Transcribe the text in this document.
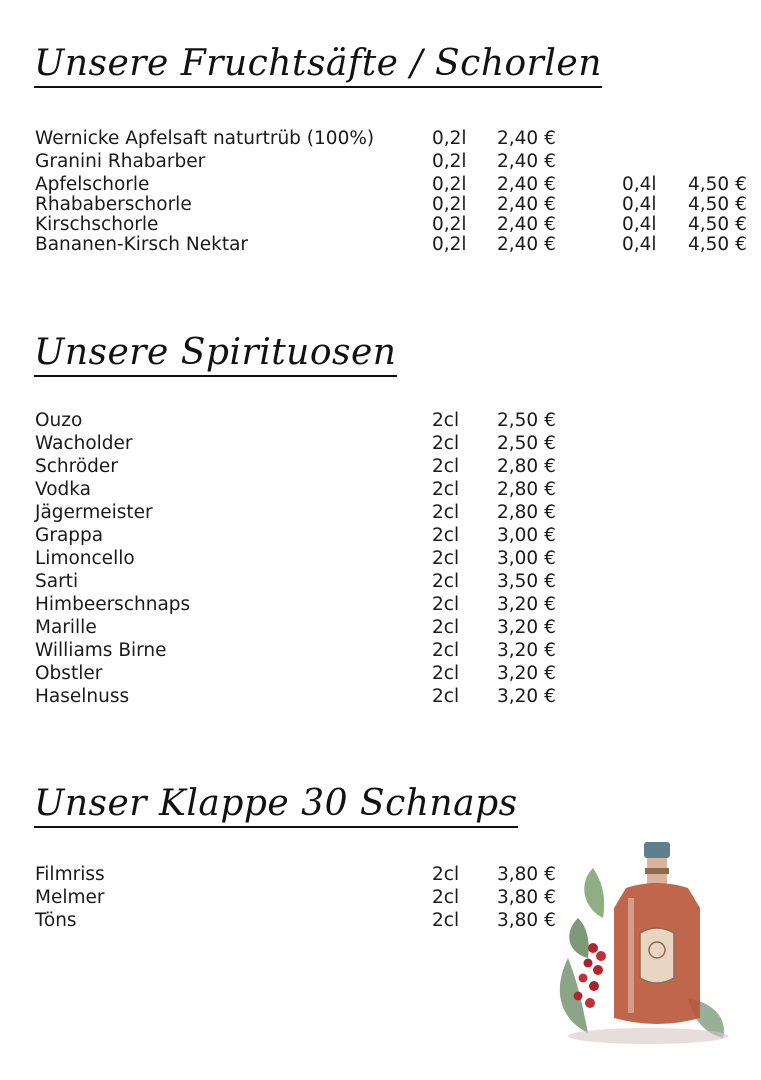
Unsere Fruchtsäfte / Schorlen
Wernicke Apfelsaft naturtrüb (100%)	0,2l 2,40 €
Granini Rhabarber	0,2l 2,40 €
Apfelschorle	0,2l 2,40 €	0,4l 4,50 €
Rhababerschorle	0,2l 2,40 €	0,4l 4,50 €
Kirschschorle	0,2l 2,40 €	0,4l 4,50 €
Bananen-Kirsch Nektar	0,2l 2,40 €	0,4l 4,50 €
Unsere Spirituosen
Ouzo	2cl 2,50 €
Wacholder	2cl 2,50 €
Schröder	2cl 2,80 €
Vodka	2cl 2,80 €
Jägermeister	2cl 2,80 €
Grappa	2cl 3,00 €
Limoncello	2cl 3,00 €
Sarti	2cl 3,50 €
Himbeerschnaps	2cl 3,20 €
Marille	2cl 3,20 €
Williams Birne	2cl 3,20 €
Obstler	2cl 3,20 €
Haselnuss	2cl 3,20 €
Unser Klappe 30 Schnaps
Filmriss	2cl 3,80 €
Melmer	2cl 3,80 €
Töns	2cl 3,80 €
